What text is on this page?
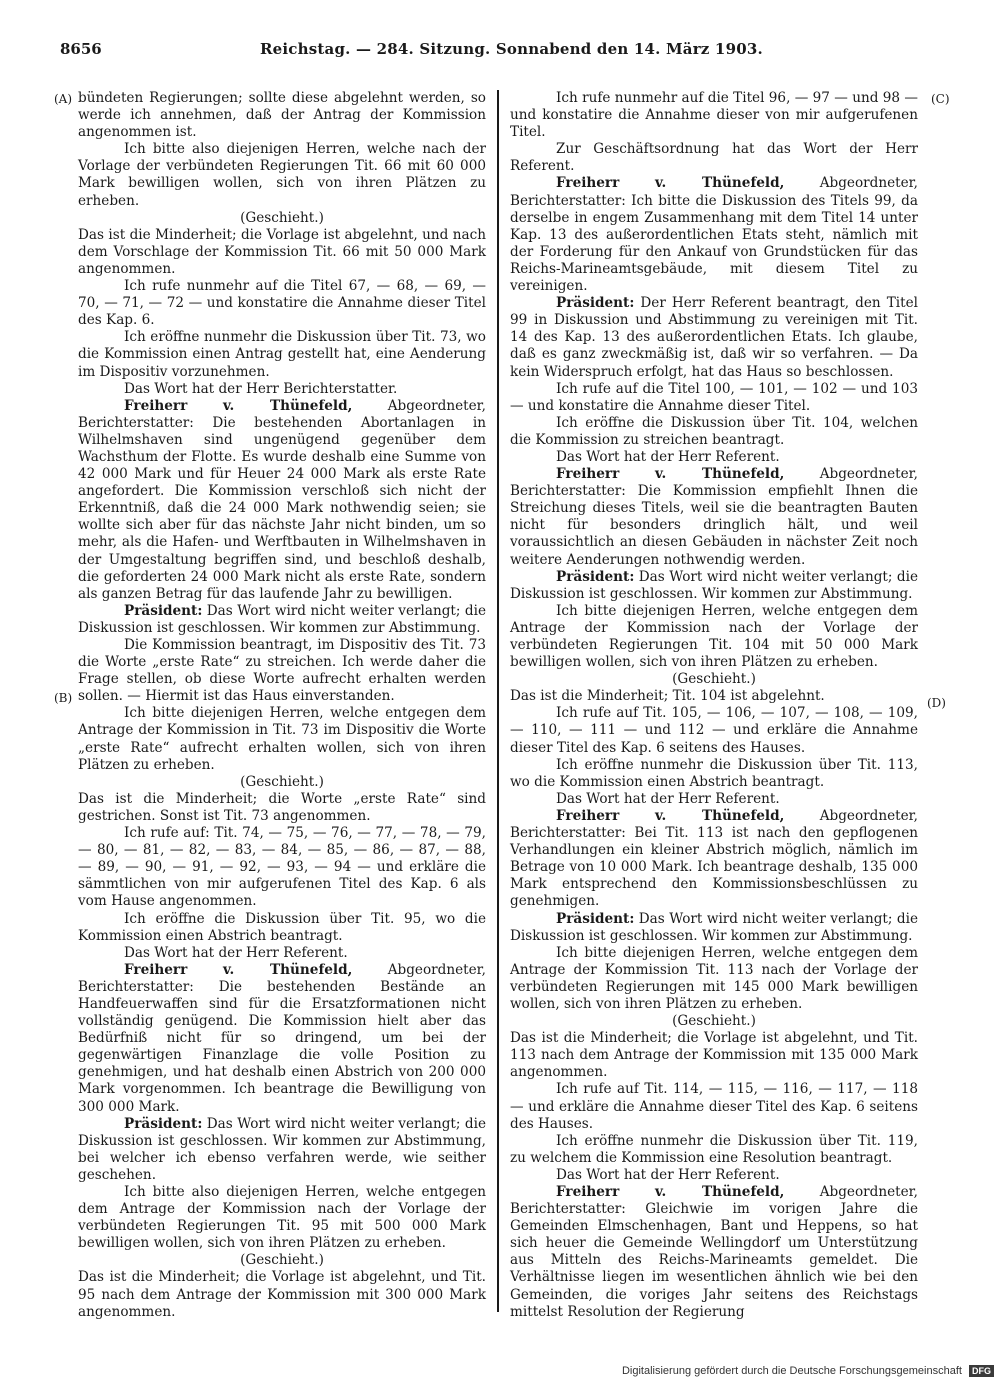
8656	Reichstag. — 284. Sitzung. Sonnabend den 14. März 1903.
(A)
(B)
(C)
(D)

bündeten Regierungen; sollte diese abgelehnt werden, so werde ich annehmen, daß der Antrag der Kommission angenommen ist.

Ich bitte also diejenigen Herren, welche nach der Vorlage der verbündeten Regierungen Tit. 66 mit 60 000 Mark bewilligen wollen, sich von ihren Plätzen zu erheben.

(Geschieht.)

Das ist die Minderheit; die Vorlage ist abgelehnt, und nach dem Vorschlage der Kommission Tit. 66 mit 50 000 Mark angenommen.

Ich rufe nunmehr auf die Titel 67, — 68, — 69, — 70, — 71, — 72 — und konstatire die Annahme dieser Titel des Kap. 6.

Ich eröffne nunmehr die Diskussion über Tit. 73, wo die Kommission einen Antrag gestellt hat, eine Aenderung im Dispositiv vorzunehmen.

Das Wort hat der Herr Berichterstatter.

Freiherr v. Thünefeld,	Abgeordneter, Berichterstatter: Die bestehenden Abortanlagen in Wilhelmshaven sind ungenügend gegenüber dem Wachsthum der Flotte. Es wurde deshalb eine Summe von 42 000 Mark und für Heuer 24 000 Mark als erste Rate angefordert. Die Kommission verschloß sich nicht der Erkenntniß, daß die 24 000 Mark nothwendig seien; sie wollte sich aber für das nächste Jahr nicht binden, um so mehr, als die Hafen- und Werftbauten in Wilhelmshaven in der Umgestaltung begriffen sind, und beschloß deshalb, die geforderten 24 000 Mark nicht als erste Rate, sondern als ganzen Betrag für das laufende Jahr zu bewilligen.

Präsident: Das Wort wird nicht weiter verlangt; die Diskussion ist geschlossen. Wir kommen zur Abstimmung.

Die Kommission beantragt, im Dispositiv des Tit. 73 die Worte „erste Rate“ zu streichen. Ich werde daher die Frage stellen, ob diese Worte aufrecht erhalten werden sollen. — Hiermit ist das Haus einverstanden.

Ich bitte diejenigen Herren, welche entgegen dem Antrage der Kommission in Tit. 73 im Dispositiv die Worte „erste Rate“ aufrecht erhalten wollen, sich von ihren Plätzen zu erheben.

(Geschieht.)

Das ist die Minderheit; die Worte „erste Rate“ sind gestrichen. Sonst ist Tit. 73 angenommen.

Ich rufe auf: Tit. 74, — 75, — 76, — 77, — 78, — 79, — 80, — 81, — 82, — 83, — 84, — 85, — 86, — 87, — 88, — 89, — 90, — 91, — 92, — 93, — 94 — und erkläre die sämmtlichen von mir aufgerufenen Titel des Kap. 6 als vom Hause angenommen.

Ich eröffne die Diskussion über Tit. 95, wo die Kommission einen Abstrich beantragt.

Das Wort hat der Herr Referent.

Freiherr v. Thünefeld,	Abgeordneter, Berichterstatter: Die bestehenden Bestände an Handfeuerwaffen sind für die Ersatzformationen nicht vollständig genügend. Die Kommission hielt aber das Bedürfniß nicht für so dringend, um bei der gegenwärtigen Finanzlage die volle Position zu genehmigen, und hat deshalb einen Abstrich von 200 000 Mark vorgenommen. Ich beantrage die Bewilligung von 300 000 Mark.

Präsident: Das Wort wird nicht weiter verlangt; die Diskussion ist geschlossen. Wir kommen zur Abstimmung, bei welcher ich ebenso verfahren werde, wie seither geschehen.

Ich bitte also diejenigen Herren, welche entgegen dem Antrage der Kommission nach der Vorlage der verbündeten Regierungen Tit. 95 mit 500 000 Mark bewilligen wollen, sich von ihren Plätzen zu erheben.

(Geschieht.)

Das ist die Minderheit; die Vorlage ist abgelehnt, und Tit. 95 nach dem Antrage der Kommission mit 300 000 Mark angenommen.

Ich rufe nunmehr auf die Titel 96, — 97 — und 98 — und konstatire die Annahme dieser von mir aufgerufenen Titel.

Zur Geschäftsordnung hat das Wort der Herr Referent.

Freiherr v. Thünefeld,	Abgeordneter, Berichterstatter: Ich bitte die Diskussion des Titels 99, da derselbe in engem Zusammenhang mit dem Titel 14 unter Kap. 13 des außerordentlichen Etats steht, nämlich mit der Forderung für den Ankauf von Grundstücken für das Reichs-Marineamtsgebäude, mit diesem Titel zu vereinigen.

Präsident: Der Herr Referent beantragt, den Titel 99 in Diskussion und Abstimmung zu vereinigen mit Tit. 14 des Kap. 13 des außerordentlichen Etats. Ich glaube, daß es ganz zweckmäßig ist, daß wir so verfahren. — Da kein Widerspruch erfolgt, hat das Haus so beschlossen.

Ich rufe auf die Titel 100, — 101, — 102 — und 103 — und konstatire die Annahme dieser Titel.

Ich eröffne die Diskussion über Tit. 104, welchen die Kommission zu streichen beantragt.

Das Wort hat der Herr Referent.

Freiherr v. Thünefeld,	Abgeordneter, Berichterstatter: Die Kommission empfiehlt Ihnen die Streichung dieses Titels, weil sie die beantragten Bauten nicht für besonders dringlich hält, und weil voraussichtlich an diesen Gebäuden in nächster Zeit noch weitere Aenderungen nothwendig werden.

Präsident: Das Wort wird nicht weiter verlangt; die Diskussion ist geschlossen. Wir kommen zur Abstimmung.

Ich bitte diejenigen Herren, welche entgegen dem Antrage der Kommission nach der Vorlage der verbündeten Regierungen Tit. 104 mit 50 000 Mark bewilligen wollen, sich von ihren Plätzen zu erheben.

(Geschieht.)

Das ist die Minderheit; Tit. 104 ist abgelehnt.

Ich rufe auf Tit. 105, — 106, — 107, — 108, — 109, — 110, — 111 — und 112 — und erkläre die Annahme dieser Titel des Kap. 6 seitens des Hauses.

Ich eröffne nunmehr die Diskussion über Tit. 113, wo die Kommission einen Abstrich beantragt.

Das Wort hat der Herr Referent.

Freiherr v. Thünefeld,	Abgeordneter, Berichterstatter: Bei Tit. 113 ist nach den gepflogenen Verhandlungen ein kleiner Abstrich möglich, nämlich im Betrage von 10 000 Mark. Ich beantrage deshalb, 135 000 Mark entsprechend den Kommissionsbeschlüssen zu genehmigen.

Präsident: Das Wort wird nicht weiter verlangt; die Diskussion ist geschlossen. Wir kommen zur Abstimmung.

Ich bitte diejenigen Herren, welche entgegen dem Antrage der Kommission Tit. 113 nach der Vorlage der verbündeten Regierungen mit 145 000 Mark bewilligen wollen, sich von ihren Plätzen zu erheben.

(Geschieht.)

Das ist die Minderheit; die Vorlage ist abgelehnt, und Tit. 113 nach dem Antrage der Kommission mit 135 000 Mark angenommen.

Ich rufe auf Tit. 114, — 115, — 116, — 117, — 118 — und erkläre die Annahme dieser Titel des Kap. 6 seitens des Hauses.

Ich eröffne nunmehr die Diskussion über Tit. 119, zu welchem die Kommission eine Resolution beantragt.

Das Wort hat der Herr Referent.

Freiherr v. Thünefeld,	Abgeordneter, Berichterstatter: Gleichwie im vorigen Jahre die Gemeinden Elmschenhagen, Bant und Heppens, so hat sich heuer die Gemeinde Wellingdorf um Unterstützung aus Mitteln des Reichs-Marineamts gemeldet. Die Verhältnisse liegen im wesentlichen ähnlich wie bei den Gemeinden, die voriges Jahr seitens des Reichstags mittelst Resolution der Regierung

Digitalisierung gefördert durch die Deutsche Forschungsgemeinschaft DFG
